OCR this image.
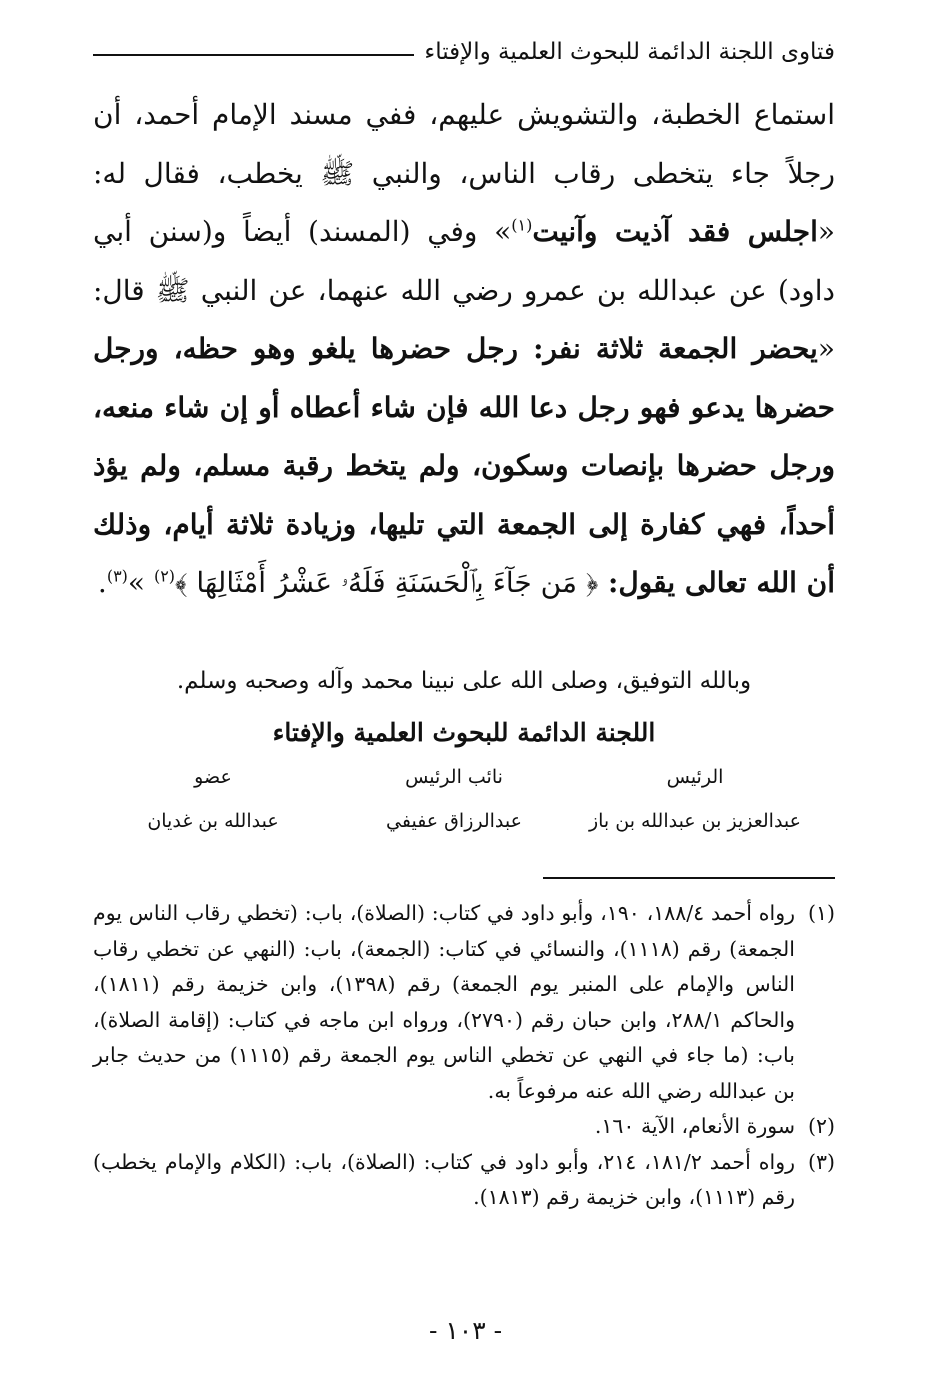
فتاوى اللجنة الدائمة للبحوث العلمية والإفتاء

استماع الخطبة، والتشويش عليهم، ففي مسند الإمام أحمد، أن رجلاً جاء يتخطى رقاب الناس، والنبي ﷺ يخطب، فقال له: «اجلس فقد آذيت وآنيت$^{(١)}$» وفي (المسند) أيضاً و(سنن أبي داود) عن عبدالله بن عمرو رضي الله عنهما، عن النبي ﷺ قال: «يحضر الجمعة ثلاثة نفر: رجل حضرها يلغو وهو حظه، ورجل حضرها يدعو فهو رجل دعا الله فإن شاء أعطاه أو إن شاء منعه، ورجل حضرها بإنصات وسكون، ولم يتخط رقبة مسلم، ولم يؤذ أحداً، فهي كفارة إلى الجمعة التي تليها، وزيادة ثلاثة أيام، وذلك أن الله تعالى يقول: ﴿ مَن جَآءَ بِٱلْحَسَنَةِ فَلَهُۥ عَشْرُ أَمْثَالِهَا ﴾$^{(٢)}$ »$^{(٣)}$.

وبالله التوفيق، وصلى الله على نبينا محمد وآله وصحبه وسلم.
اللجنة الدائمة للبحوث العلمية والإفتاء
الرئيس
نائب الرئيس
عضو
عبدالعزيز بن عبدالله بن باز
عبدالرزاق عفيفي
عبدالله بن غديان
(١)
رواه أحمد ١٨٨/٤، ١٩٠، وأبو داود في كتاب: (الصلاة)، باب: (تخطي رقاب الناس يوم الجمعة) رقم (١١١٨)، والنسائي في كتاب: (الجمعة)، باب: (النهي عن تخطي رقاب الناس والإمام على المنبر يوم الجمعة) رقم (١٣٩٨)، وابن خزيمة رقم (١٨١١)، والحاكم ٢٨٨/١، وابن حبان رقم (٢٧٩٠)، ورواه ابن ماجه في كتاب: (إقامة الصلاة)، باب: (ما جاء في النهي عن تخطي الناس يوم الجمعة رقم (١١١٥) من حديث جابر بن عبدالله رضي الله عنه مرفوعاً به.
(٢)
سورة الأنعام، الآية ١٦٠.
(٣)
رواه أحمد ١٨١/٢، ٢١٤، وأبو داود في كتاب: (الصلاة)، باب: (الكلام والإمام يخطب) رقم (١١١٣)، وابن خزيمة رقم (١٨١٣).
- ١٠٣ -
